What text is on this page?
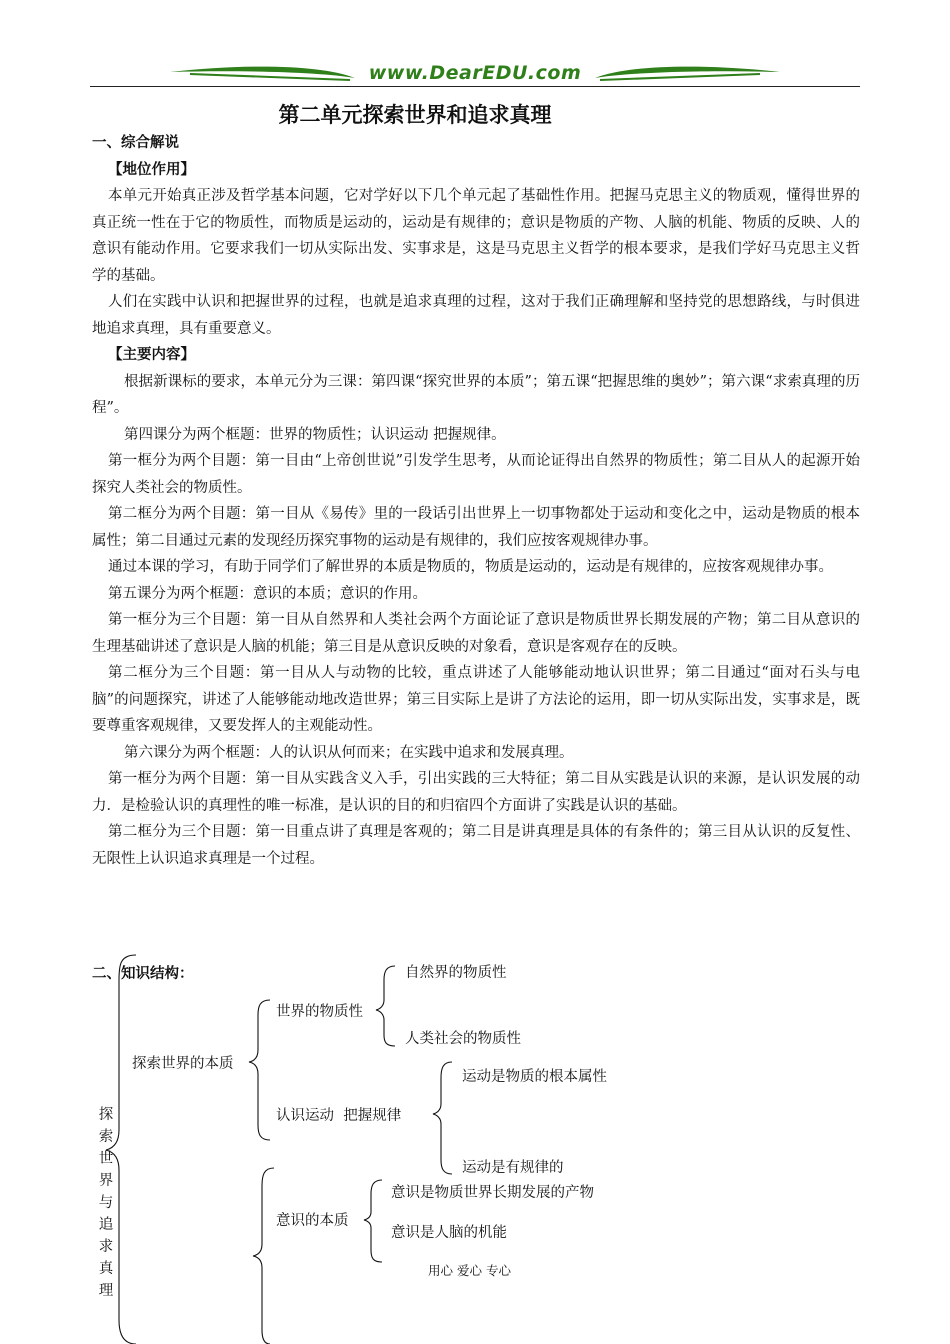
www.DearEDU.com
第二单元探索世界和追求真理

一、综合解说

【地位作用】

本单元开始真正涉及哲学基本问题，它对学好以下几个单元起了基础性作用。把握马克思主义的物质观，懂得世界的真正统一性在于它的物质性，而物质是运动的，运动是有规律的；意识是物质的产物、人脑的机能、物质的反映、人的意识有能动作用。它要求我们一切从实际出发、实事求是，这是马克思主义哲学的根本要求，是我们学好马克思主义哲学的基础。

人们在实践中认识和把握世界的过程，也就是追求真理的过程，这对于我们正确理解和坚持党的思想路线，与时俱进地追求真理，具有重要意义。

【主要内容】

根据新课标的要求，本单元分为三课：第四课“探究世界的本质”；第五课“把握思维的奥妙”；第六课“求索真理的历程”。

第四课分为两个框题：世界的物质性；认识运动 把握规律。

第一框分为两个目题：第一目由“上帝创世说”引发学生思考，从而论证得出自然界的物质性；第二目从人的起源开始探究人类社会的物质性。

第二框分为两个目题：第一目从《易传》里的一段话引出世界上一切事物都处于运动和变化之中，运动是物质的根本属性；第二目通过元素的发现经历探究事物的运动是有规律的，我们应按客观规律办事。

通过本课的学习，有助于同学们了解世界的本质是物质的，物质是运动的，运动是有规律的，应按客观规律办事。

第五课分为两个框题：意识的本质；意识的作用。

第一框分为三个目题：第一目从自然界和人类社会两个方面论证了意识是物质世界长期发展的产物；第二目从意识的生理基础讲述了意识是人脑的机能；第三目是从意识反映的对象看，意识是客观存在的反映。

第二框分为三个目题：第一目从人与动物的比较，重点讲述了人能够能动地认识世界；第二目通过“面对石头与电脑”的问题探究，讲述了人能够能动地改造世界；第三目实际上是讲了方法论的运用，即一切从实际出发，实事求是，既要尊重客观规律，又要发挥人的主观能动性。

第六课分为两个框题：人的认识从何而来；在实践中追求和发展真理。

第一框分为两个目题：第一目从实践含义入手，引出实践的三大特征；第二目从实践是认识的来源，是认识发展的动力．是检验认识的真理性的唯一标准，是认识的目的和归宿四个方面讲了实践是认识的基础。

第二框分为三个目题：第一目重点讲了真理是客观的；第二目是讲真理是具体的有条件的；第三目从认识的反复性、无限性上认识追求真理是一个过程。

二、知识结构：
探索世界与追求真理
探索世界的本质
世界的物质性
自然界的物质性
人类社会的物质性
认识运动  把握规律
运动是物质的根本属性
运动是有规律的
意识的本质
意识是物质世界长期发展的产物
意识是人脑的机能
用心 爱心 专心
